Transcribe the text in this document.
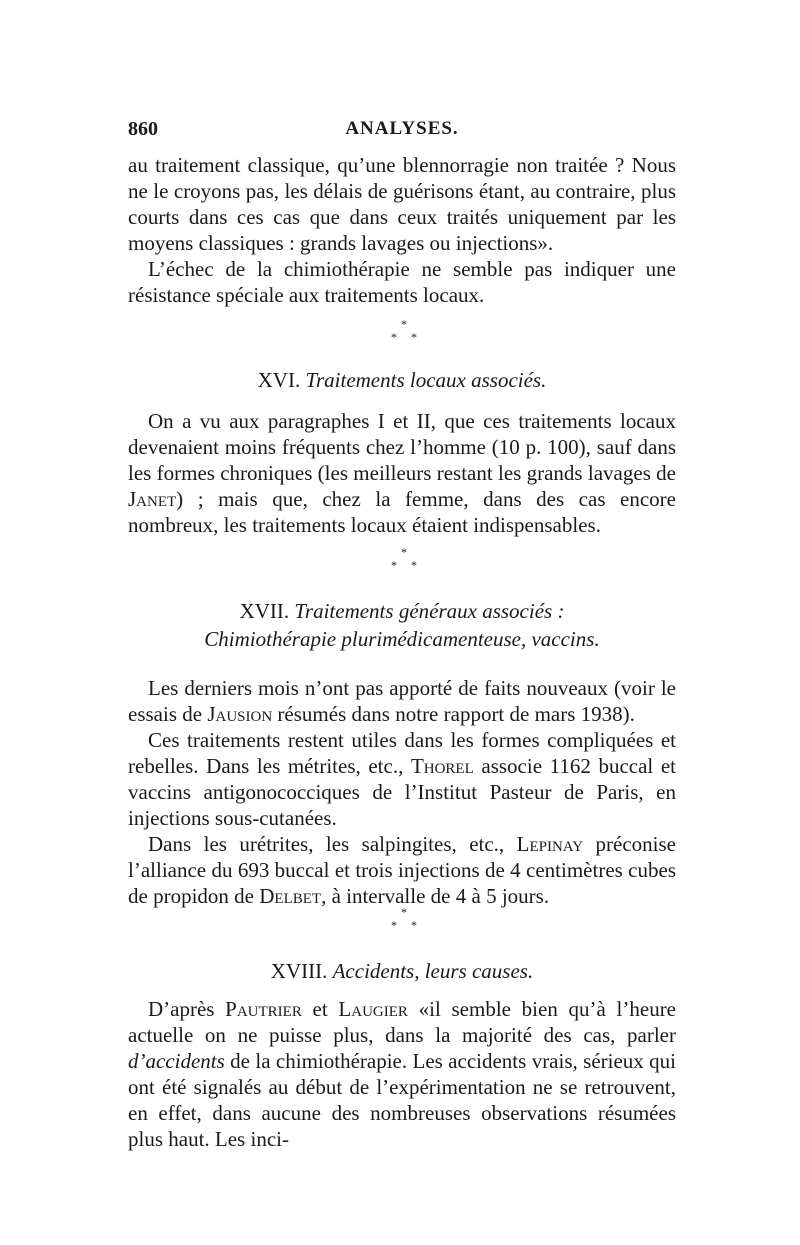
860	ANALYSES.

au traitement classique, qu’une blennorragie non traitée ? Nous ne le croyons pas, les délais de guérisons étant, au contraire, plus courts dans ces cas que dans ceux traités uniquement par les moyens classiques : grands lavages ou injections».

L’échec de la chimiothérapie ne semble pas indiquer une résistance spéciale aux traitements locaux.

*
**
XVI. Traitements locaux associés.

On a vu aux paragraphes I et II, que ces traitements locaux devenaient moins fréquents chez l’homme (10 p. 100), sauf dans les formes chroniques (les meilleurs restant les grands lavages de Janet) ; mais que, chez la femme, dans des cas encore nombreux, les traitements locaux étaient indispensables.

*
**
XVII. Traitements généraux associés :
Chimiothérapie plurimédicamenteuse, vaccins.

Les derniers mois n’ont pas apporté de faits nouveaux (voir le essais de Jausion résumés dans notre rapport de mars 1938).

Ces traitements restent utiles dans les formes compliquées et rebelles. Dans les métrites, etc., Thorel associe 1162 buccal et vaccins antigonococciques de l’Institut Pasteur de Paris, en injections sous-cutanées.

Dans les urétrites, les salpingites, etc., Lepinay préconise l’alliance du 693 buccal et trois injections de 4 centimètres cubes de propidon de Delbet, à intervalle de 4 à 5 jours.

*
**
XVIII. Accidents, leurs causes.

D’après Pautrier et Laugier «il semble bien qu’à l’heure actuelle on ne puisse plus, dans la majorité des cas, parler d’accidents de la chimiothérapie. Les accidents vrais, sérieux qui ont été signalés au début de l’expérimentation ne se retrouvent, en effet, dans aucune des nombreuses observations résumées plus haut. Les inci-
